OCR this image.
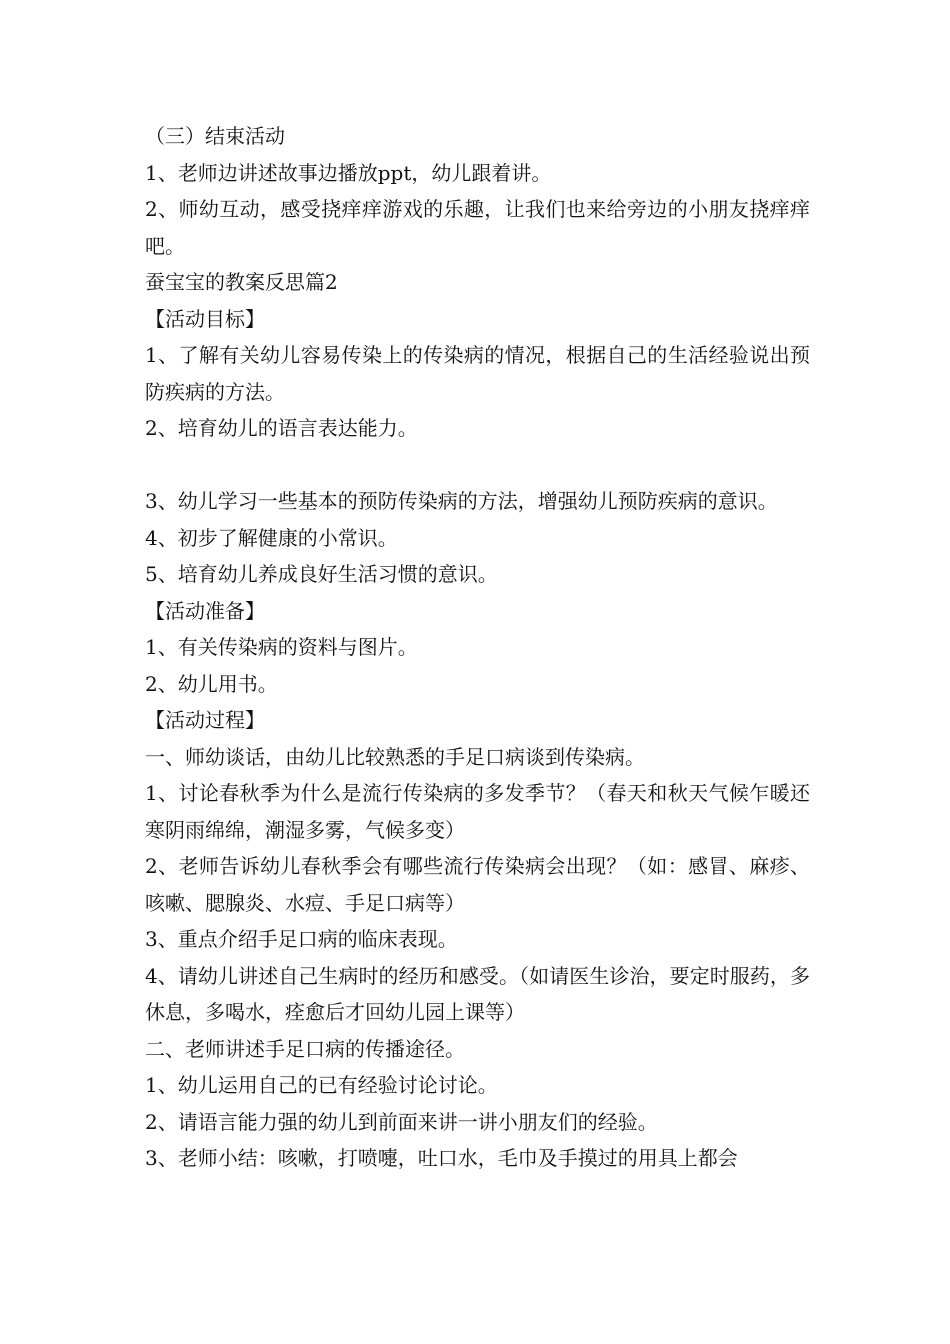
（三）结束活动
1、老师边讲述故事边播放ppt，幼儿跟着讲。
2、师幼互动，感受挠痒痒游戏的乐趣，让我们也来给旁边的小朋友挠痒痒吧。
蚕宝宝的教案反思篇2
【活动目标】
1、了解有关幼儿容易传染上的传染病的情况，根据自己的生活经验说出预防疾病的方法。
2、培育幼儿的语言表达能力。
3、幼儿学习一些基本的预防传染病的方法，增强幼儿预防疾病的意识。
4、初步了解健康的小常识。
5、培育幼儿养成良好生活习惯的意识。
【活动准备】
1、有关传染病的资料与图片。
2、幼儿用书。
【活动过程】
一、师幼谈话，由幼儿比较熟悉的手足口病谈到传染病。
1、讨论春秋季为什么是流行传染病的多发季节？（春天和秋天气候乍暖还寒阴雨绵绵，潮湿多雾，气候多变）
2、老师告诉幼儿春秋季会有哪些流行传染病会出现？（如：感冒、麻疹、咳嗽、腮腺炎、水痘、手足口病等）
3、重点介绍手足口病的临床表现。
4、请幼儿讲述自己生病时的经历和感受。（如请医生诊治，要定时服药，多休息，多喝水，痊愈后才回幼儿园上课等）
二、老师讲述手足口病的传播途径。
1、幼儿运用自己的已有经验讨论讨论。
2、请语言能力强的幼儿到前面来讲一讲小朋友们的经验。
3、老师小结：咳嗽，打喷嚏，吐口水，毛巾及手摸过的用具上都会
